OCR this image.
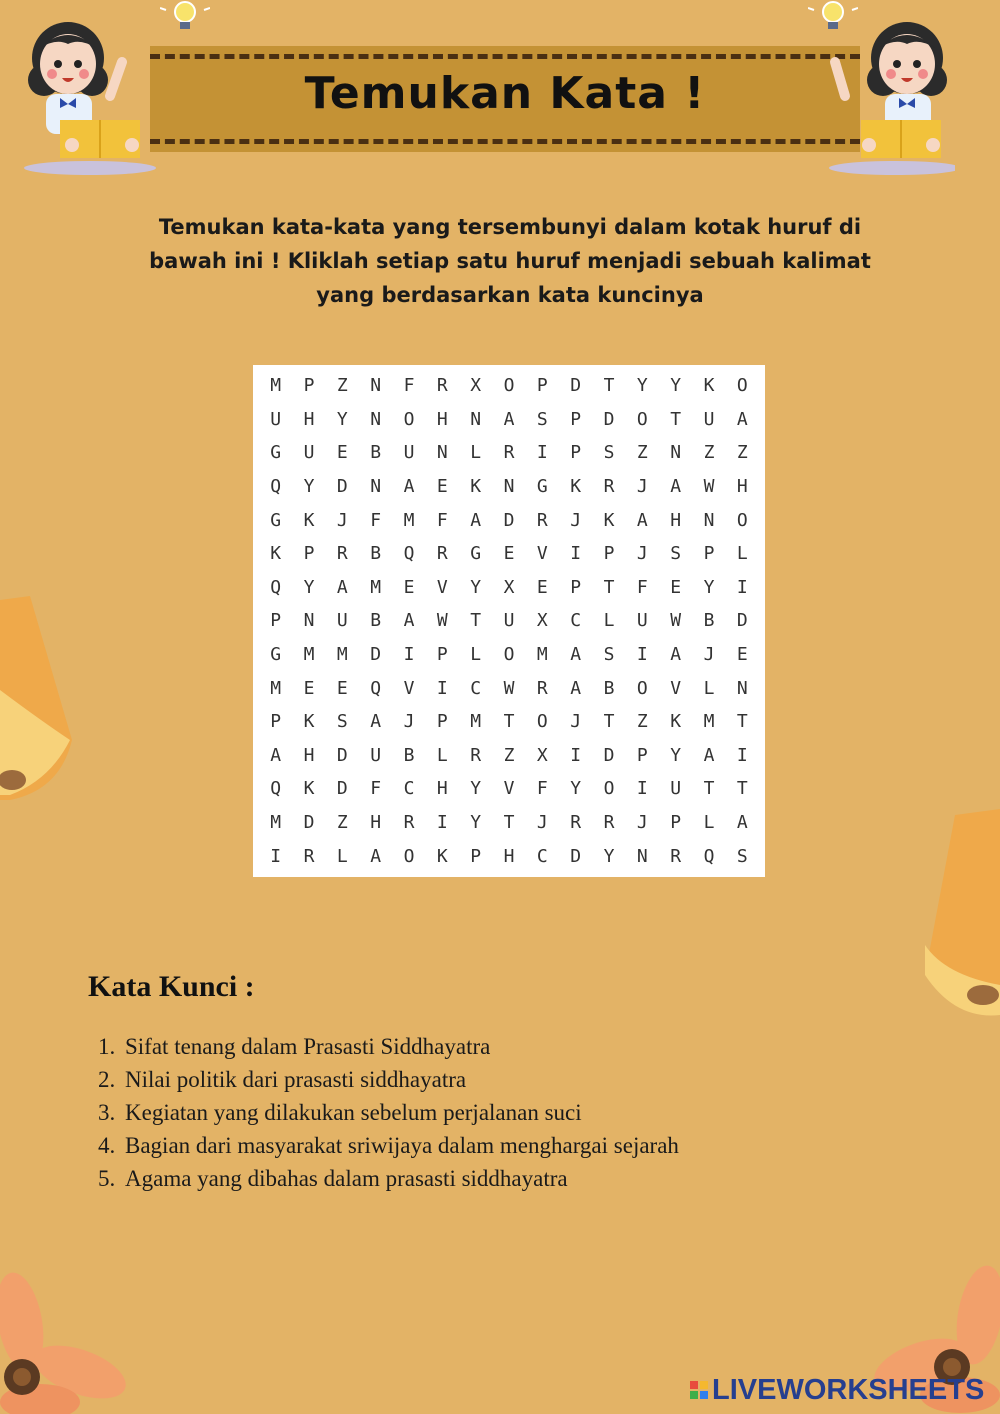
Temukan Kata !
Temukan kata-kata yang tersembunyi dalam kotak huruf di bawah ini ! Kliklah setiap satu huruf menjadi sebuah kalimat yang berdasarkan kata kuncinya
M	P	Z	N	F	R	X	O	P	D	T	Y	Y	K	O
U	H	Y	N	O	H	N	A	S	P	D	O	T	U	A
G	U	E	B	U	N	L	R	I	P	S	Z	N	Z	Z
Q	Y	D	N	A	E	K	N	G	K	R	J	A	W	H
G	K	J	F	M	F	A	D	R	J	K	A	H	N	O
K	P	R	B	Q	R	G	E	V	I	P	J	S	P	L
Q	Y	A	M	E	V	Y	X	E	P	T	F	E	Y	I
P	N	U	B	A	W	T	U	X	C	L	U	W	B	D
G	M	M	D	I	P	L	O	M	A	S	I	A	J	E
M	E	E	Q	V	I	C	W	R	A	B	O	V	L	N
P	K	S	A	J	P	M	T	O	J	T	Z	K	M	T
A	H	D	U	B	L	R	Z	X	I	D	P	Y	A	I
Q	K	D	F	C	H	Y	V	F	Y	O	I	U	T	T
M	D	Z	H	R	I	Y	T	J	R	R	J	P	L	A
I	R	L	A	O	K	P	H	C	D	Y	N	R	Q	S
Kata Kunci :
1. Sifat tenang dalam Prasasti Siddhayatra
2. Nilai politik dari prasasti siddhayatra
3. Kegiatan yang dilakukan sebelum perjalanan suci
4. Bagian dari masyarakat sriwijaya dalam menghargai sejarah
5. Agama yang dibahas dalam prasasti siddhayatra
LIVEWORKSHEETS
